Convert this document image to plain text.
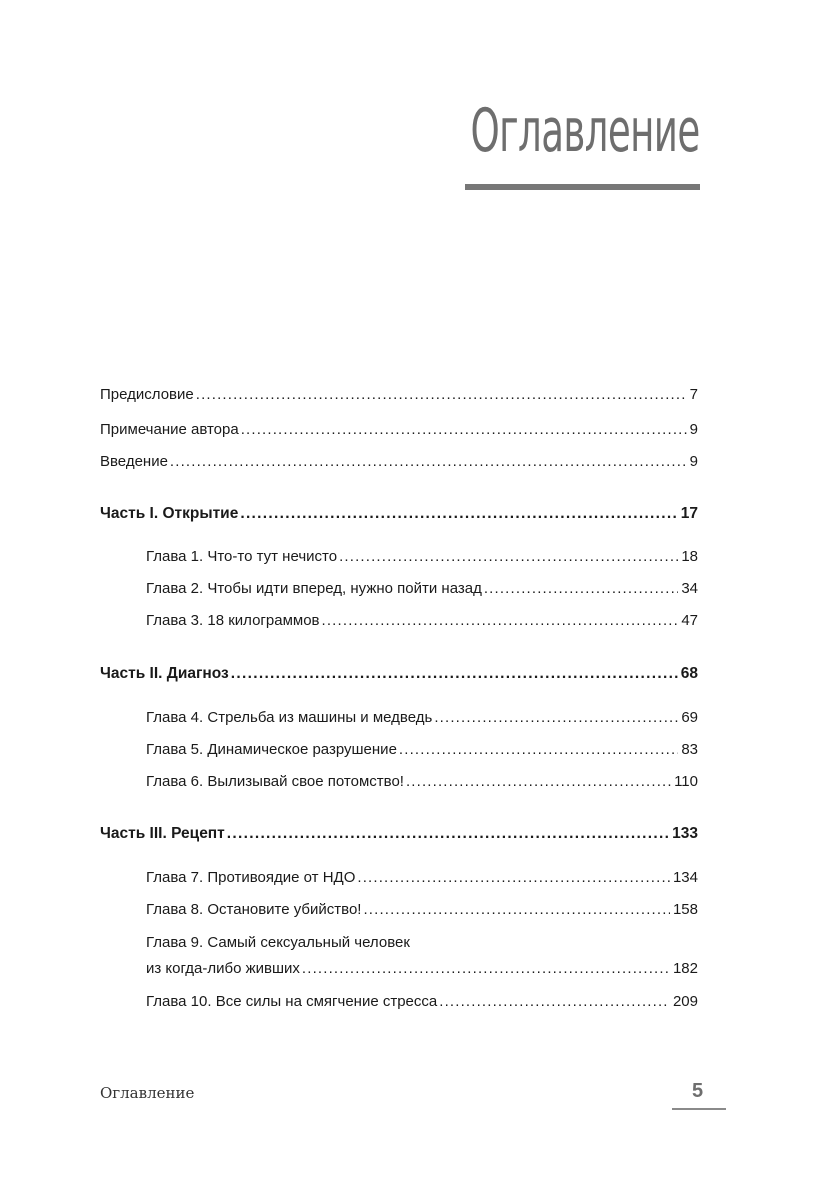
Оглавление
Предисловие . . .	7
Примечание автора . . .	9
Введение . . .	9
Часть I. Открытие . . .	17
Глава 1. Что-то тут нечисто . . .	18
Глава 2. Чтобы идти вперед, нужно пойти назад . . .	34
Глава 3. 18 килограммов . . .	47
Часть II. Диагноз . . .	68
Глава 4. Стрельба из машины и медведь . . .	69
Глава 5. Динамическое разрушение . . .	83
Глава 6. Вылизывай свое потомство! . . .	110
Часть III. Рецепт . . .	133
Глава 7. Противоядие от НДО . . .	134
Глава 8. Остановите убийство! . . .	158
Глава 9. Самый сексуальный человек
из когда-либо живших . . .	182
Глава 10. Все силы на смягчение стресса . . .	209
Оглавление	5
